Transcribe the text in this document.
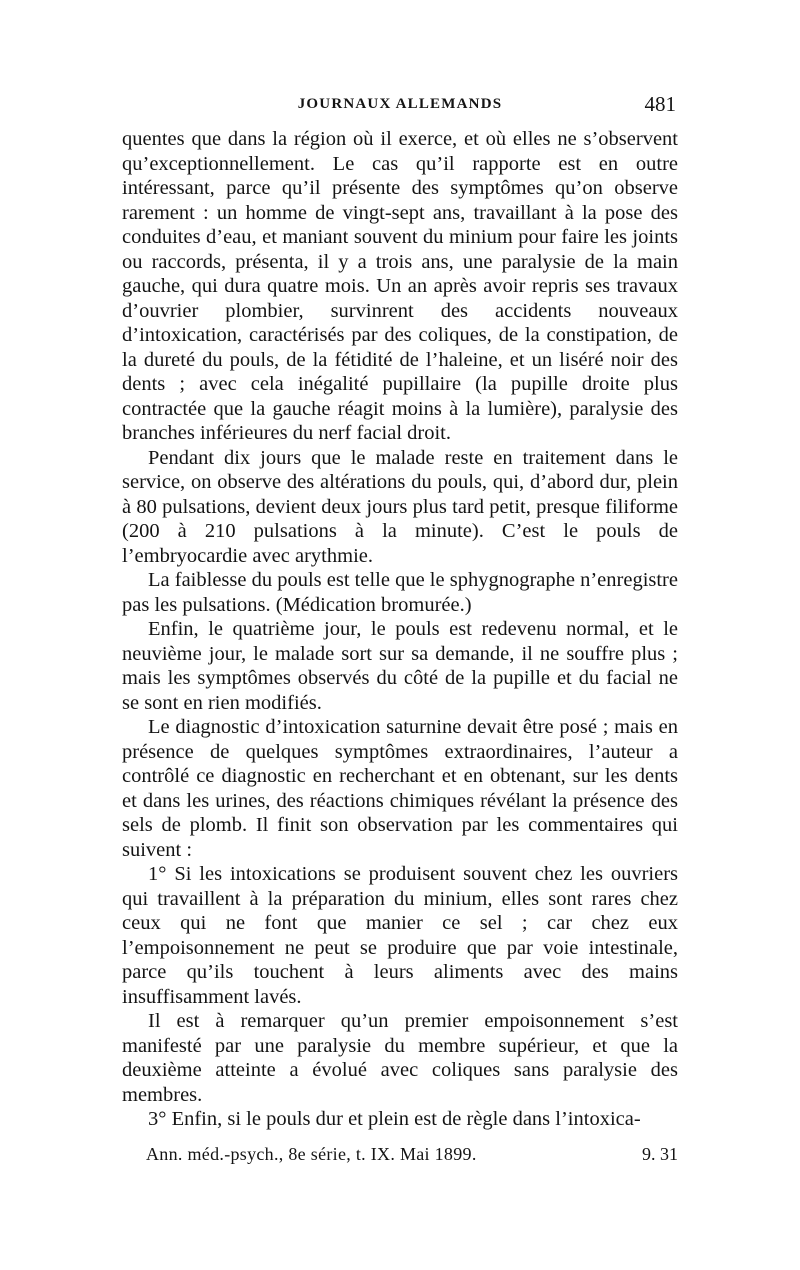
JOURNAUX ALLEMANDS	481

quentes que dans la région où il exerce, et où elles ne s’observent qu’exceptionnellement. Le cas qu’il rapporte est en outre intéressant, parce qu’il présente des symptômes qu’on observe rarement : un homme de vingt-sept ans, travaillant à la pose des conduites d’eau, et maniant souvent du minium pour faire les joints ou raccords, présenta, il y a trois ans, une paralysie de la main gauche, qui dura quatre mois. Un an après avoir repris ses travaux d’ouvrier plombier, survinrent des accidents nouveaux d’intoxication, caractérisés par des coliques, de la constipation, de la dureté du pouls, de la fétidité de l’haleine, et un liséré noir des dents ; avec cela inégalité pupillaire (la pupille droite plus contractée que la gauche réagit moins à la lumière), paralysie des branches inférieures du nerf facial droit.

Pendant dix jours que le malade reste en traitement dans le service, on observe des altérations du pouls, qui, d’abord dur, plein à 80 pulsations, devient deux jours plus tard petit, presque filiforme (200 à 210 pulsations à la minute). C’est le pouls de l’embryocardie avec arythmie.

La faiblesse du pouls est telle que le sphygnographe n’enregistre pas les pulsations. (Médication bromurée.)

Enfin, le quatrième jour, le pouls est redevenu normal, et le neuvième jour, le malade sort sur sa demande, il ne souffre plus ; mais les symptômes observés du côté de la pupille et du facial ne se sont en rien modifiés.

Le diagnostic d’intoxication saturnine devait être posé ; mais en présence de quelques symptômes extraordinaires, l’auteur a contrôlé ce diagnostic en recherchant et en obtenant, sur les dents et dans les urines, des réactions chimiques révélant la présence des sels de plomb. Il finit son observation par les commentaires qui suivent :

1° Si les intoxications se produisent souvent chez les ouvriers qui travaillent à la préparation du minium, elles sont rares chez ceux qui ne font que manier ce sel ; car chez eux l’empoisonnement ne peut se produire que par voie intestinale, parce qu’ils touchent à leurs aliments avec des mains insuffisamment lavés.

Il est à remarquer qu’un premier empoisonnement s’est manifesté par une paralysie du membre supérieur, et que la deuxième atteinte a évolué avec coliques sans paralysie des membres.

3° Enfin, si le pouls dur et plein est de règle dans l’intoxica-

Ann. méd.-psych., 8e série, t. IX. Mai 1899.	9. 31
